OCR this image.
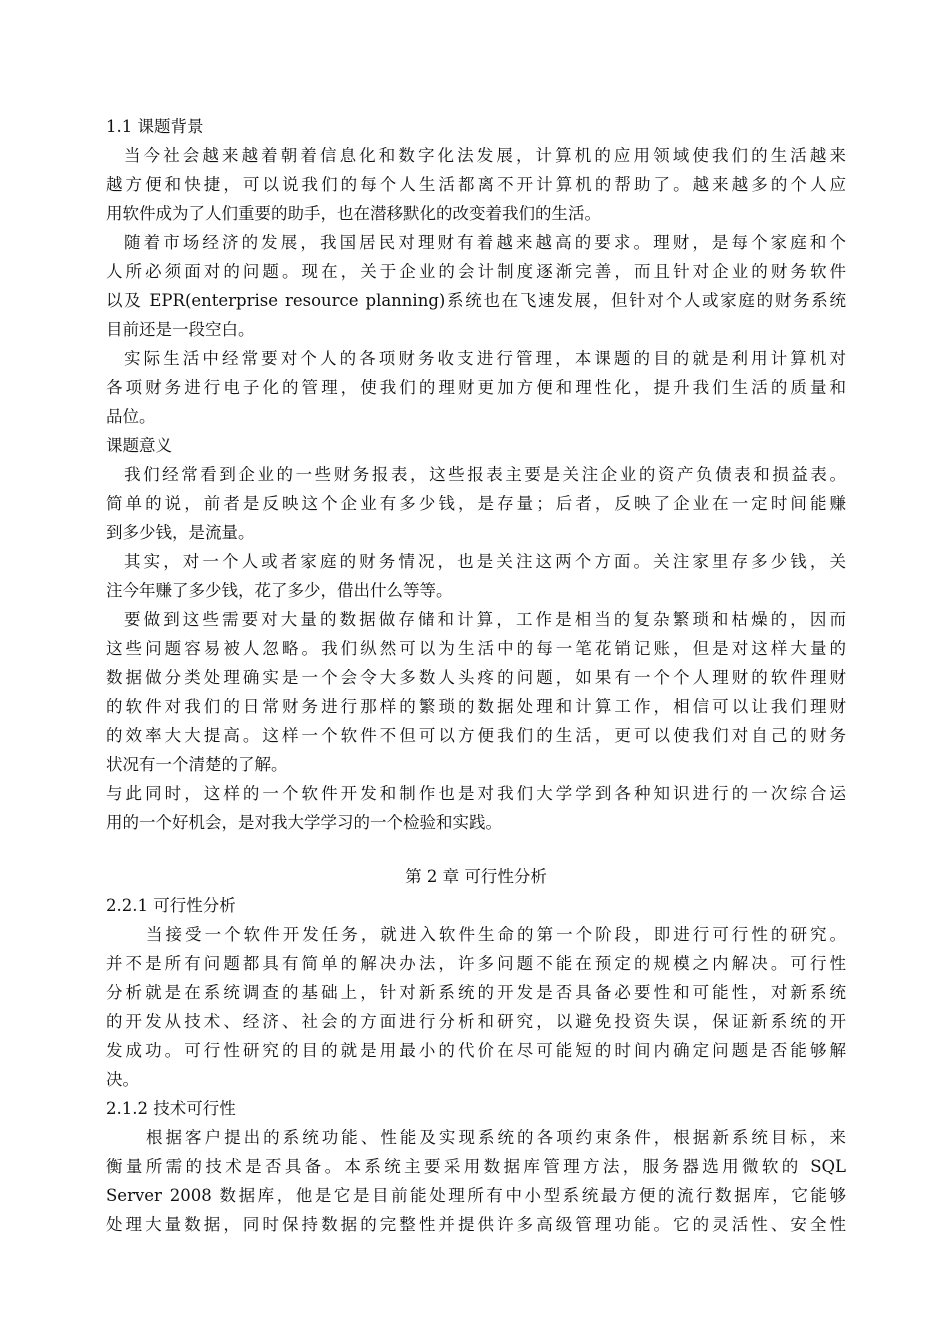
1.1 课题背景
当今社会越来越着朝着信息化和数字化法发展，计算机的应用领域使我们的生活越来
越方便和快捷，可以说我们的每个人生活都离不开计算机的帮助了。越来越多的个人应
用软件成为了人们重要的助手，也在潜移默化的改变着我们的生活。
随着市场经济的发展，我国居民对理财有着越来越高的要求。理财，是每个家庭和个
人所必须面对的问题。现在，关于企业的会计制度逐渐完善，而且针对企业的财务软件
以及 EPR(enterprise resource planning)系统也在飞速发展，但针对个人或家庭的财务系统
目前还是一段空白。
实际生活中经常要对个人的各项财务收支进行管理，本课题的目的就是利用计算机对
各项财务进行电子化的管理，使我们的理财更加方便和理性化，提升我们生活的质量和
品位。
课题意义
我们经常看到企业的一些财务报表，这些报表主要是关注企业的资产负债表和损益表。
简单的说，前者是反映这个企业有多少钱，是存量；后者，反映了企业在一定时间能赚
到多少钱，是流量。
其实，对一个人或者家庭的财务情况，也是关注这两个方面。关注家里存多少钱，关
注今年赚了多少钱，花了多少，借出什么等等。
要做到这些需要对大量的数据做存储和计算，工作是相当的复杂繁琐和枯燥的，因而
这些问题容易被人忽略。我们纵然可以为生活中的每一笔花销记账，但是对这样大量的
数据做分类处理确实是一个会令大多数人头疼的问题，如果有一个个人理财的软件理财
的软件对我们的日常财务进行那样的繁琐的数据处理和计算工作，相信可以让我们理财
的效率大大提高。这样一个软件不但可以方便我们的生活，更可以使我们对自己的财务
状况有一个清楚的了解。
与此同时，这样的一个软件开发和制作也是对我们大学学到各种知识进行的一次综合运
用的一个好机会，是对我大学学习的一个检验和实践。
第 2 章 可行性分析
2.2.1 可行性分析
当接受一个软件开发任务，就进入软件生命的第一个阶段，即进行可行性的研究。
并不是所有问题都具有简单的解决办法，许多问题不能在预定的规模之内解决。可行性
分析就是在系统调查的基础上，针对新系统的开发是否具备必要性和可能性，对新系统
的开发从技术、经济、社会的方面进行分析和研究，以避免投资失误，保证新系统的开
发成功。可行性研究的目的就是用最小的代价在尽可能短的时间内确定问题是否能够解
决。
2.1.2 技术可行性
根据客户提出的系统功能、性能及实现系统的各项约束条件，根据新系统目标，来
衡量所需的技术是否具备。本系统主要采用数据库管理方法，服务器选用微软的 SQL
Server 2008 数据库，他是它是目前能处理所有中小型系统最方便的流行数据库，它能够
处理大量数据，同时保持数据的完整性并提供许多高级管理功能。它的灵活性、安全性
